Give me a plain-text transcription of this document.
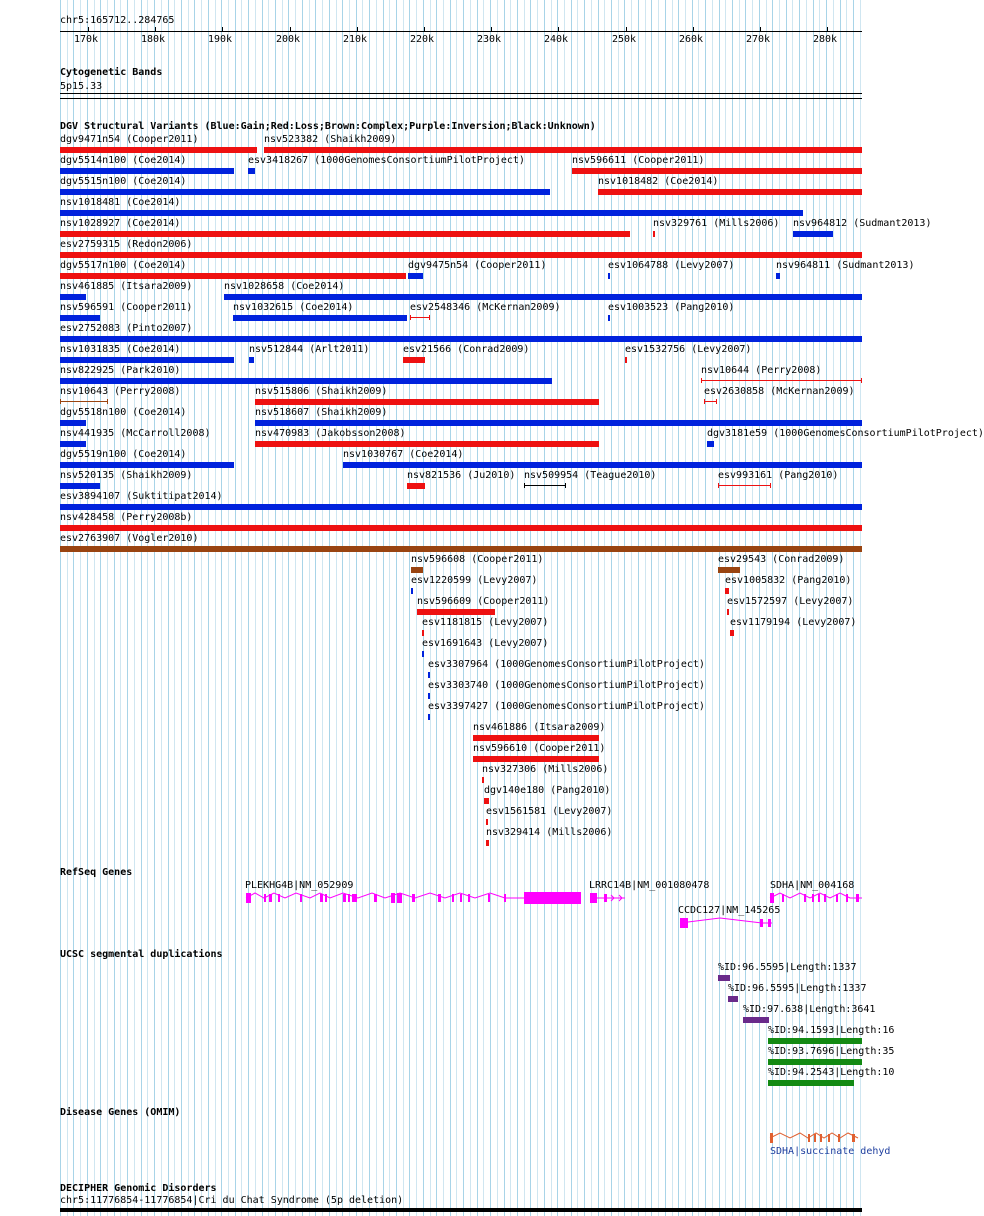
chr5:165712..284765
170k	180k	190k	200k	210k	220k	230k	240k	250k	260k	270k	280k
Cytogenetic Bands
5p15.33
DGV Structural Variants (Blue:Gain;Red:Loss;Brown:Complex;Purple:Inversion;Black:Unknown)
dgv9471n54 (Cooper2011)	nsv523382 (Shaikh2009)
dgv5514n100 (Coe2014)	esv3418267 (1000GenomesConsortiumPilotProject)	nsv596611 (Cooper2011)
dgv5515n100 (Coe2014)	nsv1018482 (Coe2014)
nsv1018481 (Coe2014)
nsv1028927 (Coe2014)	nsv329761 (Mills2006) nsv964812 (Sudmant2013)
esv2759315 (Redon2006)
dgv5517n100 (Coe2014)	dgv9475n54 (Cooper2011)	esv1064788 (Levy2007)	nsv964811 (Sudmant2013)
nsv461885 (Itsara2009)	nsv1028658 (Coe2014)
nsv596591 (Cooper2011)	nsv1032615 (Coe2014)	esv2548346 (McKernan2009)	esv1003523 (Pang2010)
esv2752083 (Pinto2007)
nsv1031835 (Coe2014)	nsv512844 (Arlt2011)	esv21566 (Conrad2009)	esv1532756 (Levy2007)
nsv822925 (Park2010)	nsv10644 (Perry2008)
nsv10643 (Perry2008)	nsv515806 (Shaikh2009)	esv2630858 (McKernan2009)
dgv5518n100 (Coe2014)	nsv518607 (Shaikh2009)
nsv441935 (McCarroll2008)	nsv470983 (Jakobsson2008)	dgv3181e59 (1000GenomesConsortiumPilotProject)
dgv5519n100 (Coe2014)	nsv1030767 (Coe2014)
nsv520135 (Shaikh2009)	nsv821536 (Ju2010) nsv509954 (Teague2010)	esv993161 (Pang2010)
esv3894107 (Suktitipat2014)
nsv428458 (Perry2008b)
esv2763907 (Vogler2010)
nsv596608 (Cooper2011)	esv29543 (Conrad2009)
esv1220599 (Levy2007)	esv1005832 (Pang2010)
nsv596609 (Cooper2011)	esv1572597 (Levy2007)
esv1181815 (Levy2007)	esv1179194 (Levy2007)
esv1691643 (Levy2007)
esv3307964 (1000GenomesConsortiumPilotProject)
esv3303740 (1000GenomesConsortiumPilotProject)
esv3397427 (1000GenomesConsortiumPilotProject)
nsv461886 (Itsara2009)
nsv596610 (Cooper2011)
nsv327306 (Mills2006)
dgv140e180 (Pang2010)
esv1561581 (Levy2007)
nsv329414 (Mills2006)
RefSeq Genes
PLEKHG4B|NM_052909	LRRC14B|NM_001080478	SDHA|NM_004168
CCDC127|NM_145265
UCSC segmental duplications
%ID:96.5595|Length:1337
%ID:96.5595|Length:1337
%ID:97.638|Length:3641
%ID:94.1593|Length:16
%ID:93.7696|Length:35
%ID:94.2543|Length:10
Disease Genes (OMIM)
SDHA|succinate dehyd
DECIPHER Genomic Disorders
chr5:11776854-11776854|Cri du Chat Syndrome (5p deletion)
